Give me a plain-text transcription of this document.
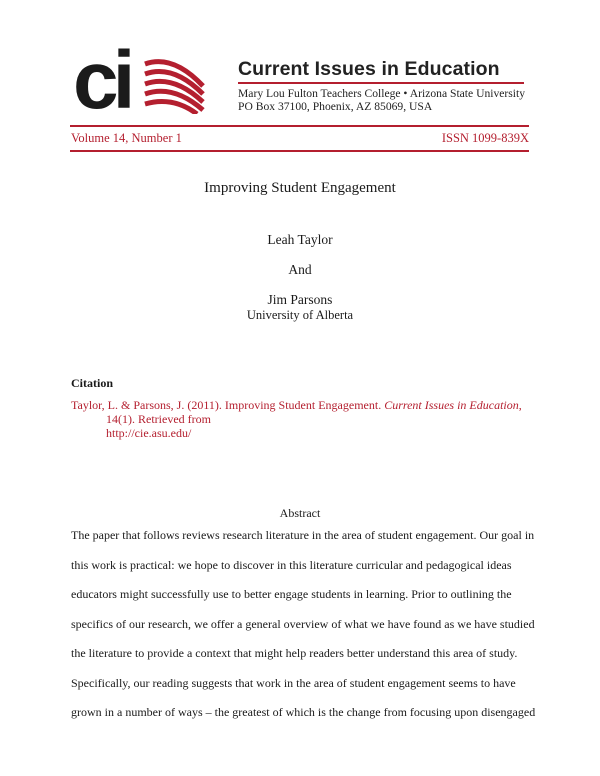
ci	Current Issues in Education
Mary Lou Fulton Teachers College • Arizona State University
PO Box 37100, Phoenix, AZ 85069, USA
Volume 14, Number 1	ISSN 1099-839X
Improving Student Engagement
Leah Taylor
And
Jim Parsons
University of Alberta
Citation
Taylor, L. & Parsons, J. (2011). Improving Student Engagement. Current Issues in Education,
14(1). Retrieved from
http://cie.asu.edu/
Abstract
The paper that follows reviews research literature in the area of student engagement. Our goal in
this work is practical: we hope to discover in this literature curricular and pedagogical ideas
educators might successfully use to better engage students in learning. Prior to outlining the
specifics of our research, we offer a general overview of what we have found as we have studied
the literature to provide a context that might help readers better understand this area of study.
Specifically, our reading suggests that work in the area of student engagement seems to have
grown in a number of ways – the greatest of which is the change from focusing upon disengaged
